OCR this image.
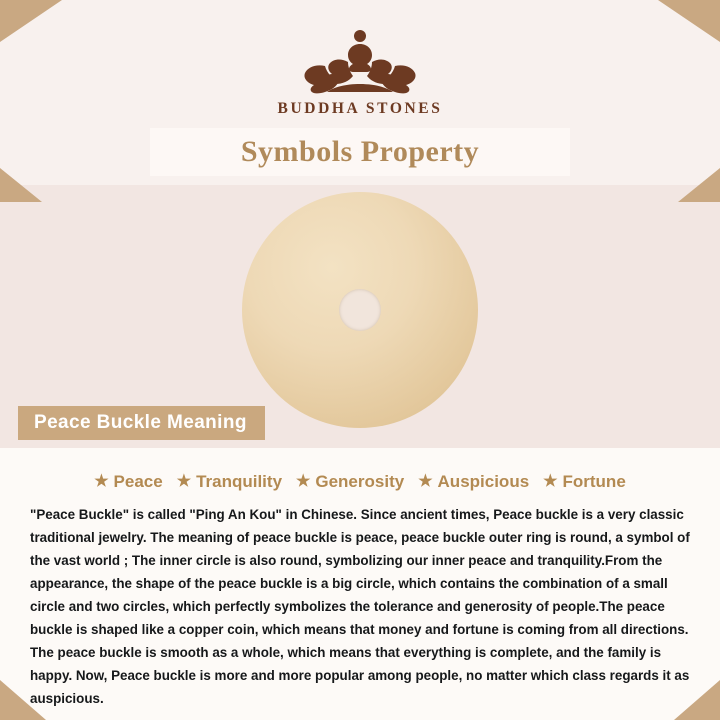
BUDDHA STONES
Symbols Property
Peace Buckle Meaning
★ Peace ★ Tranquility ★ Generosity ★ Auspicious ★ Fortune
"Peace Buckle" is called "Ping An Kou" in Chinese. Since ancient times, Peace buckle is a very classic traditional jewelry. The meaning of peace buckle is peace, peace buckle outer ring is round, a symbol of the vast world ; The inner circle is also round, symbolizing our inner peace and tranquility.From the appearance, the shape of the peace buckle is a big circle, which contains the combination of a small circle and two circles, which perfectly symbolizes the tolerance and generosity of people.The peace buckle is shaped like a copper coin, which means that money and fortune is coming from all directions. The peace buckle is smooth as a whole, which means that everything is complete, and the family is happy. Now, Peace buckle is more and more popular among people, no matter which class regards it as auspicious.
